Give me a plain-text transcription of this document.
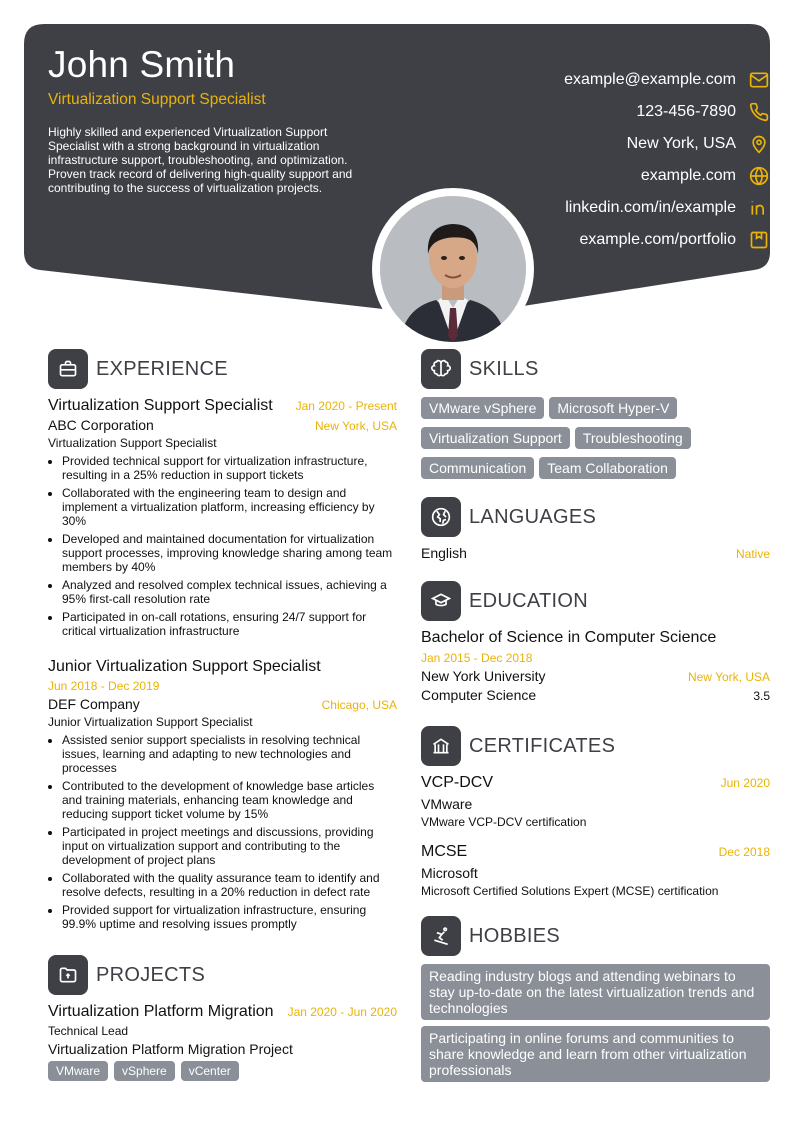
John Smith
Virtualization Support Specialist
Highly skilled and experienced Virtualization Support Specialist with a strong background in virtualization infrastructure support, troubleshooting, and optimization. Proven track record of delivering high-quality support and contributing to the success of virtualization projects.
example@example.com
123-456-7890
New York, USA
example.com
linkedin.com/in/example
example.com/portfolio
EXPERIENCE
Virtualization Support Specialist Jan 2020 - Present
ABC Corporation	New York, USA
Virtualization Support Specialist
• Provided technical support for virtualization infrastructure, resulting in a 25% reduction in support tickets
• Collaborated with the engineering team to design and implement a virtualization platform, increasing efficiency by 30%
• Developed and maintained documentation for virtualization support processes, improving knowledge sharing among team members by 40%
• Analyzed and resolved complex technical issues, achieving a 95% first-call resolution rate
• Participated in on-call rotations, ensuring 24/7 support for critical virtualization infrastructure
Junior Virtualization Support Specialist
Jun 2018 - Dec 2019
DEF Company	Chicago, USA
Junior Virtualization Support Specialist
• Assisted senior support specialists in resolving technical issues, learning and adapting to new technologies and processes
• Contributed to the development of knowledge base articles and training materials, enhancing team knowledge and reducing support ticket volume by 15%
• Participated in project meetings and discussions, providing input on virtualization support and contributing to the development of project plans
• Collaborated with the quality assurance team to identify and resolve defects, resulting in a 20% reduction in defect rate
• Provided support for virtualization infrastructure, ensuring 99.9% uptime and resolving issues promptly
PROJECTS
Virtualization Platform Migration Jan 2020 - Jun 2020
Technical Lead
Virtualization Platform Migration Project
VMware vSphere vCenter
SKILLS
VMware vSphere Microsoft Hyper-V
Virtualization Support Troubleshooting
Communication Team Collaboration
LANGUAGES
English	Native
EDUCATION
Bachelor of Science in Computer Science
Jan 2015 - Dec 2018
New York University	New York, USA
Computer Science	3.5
CERTIFICATES
VCP-DCV	Jun 2020
VMware
VMware VCP-DCV certification
MCSE	Dec 2018
Microsoft
Microsoft Certified Solutions Expert (MCSE) certification
HOBBIES
Reading industry blogs and attending webinars to stay up-to-date on the latest virtualization trends and technologies
Participating in online forums and communities to share knowledge and learn from other virtualization professionals
